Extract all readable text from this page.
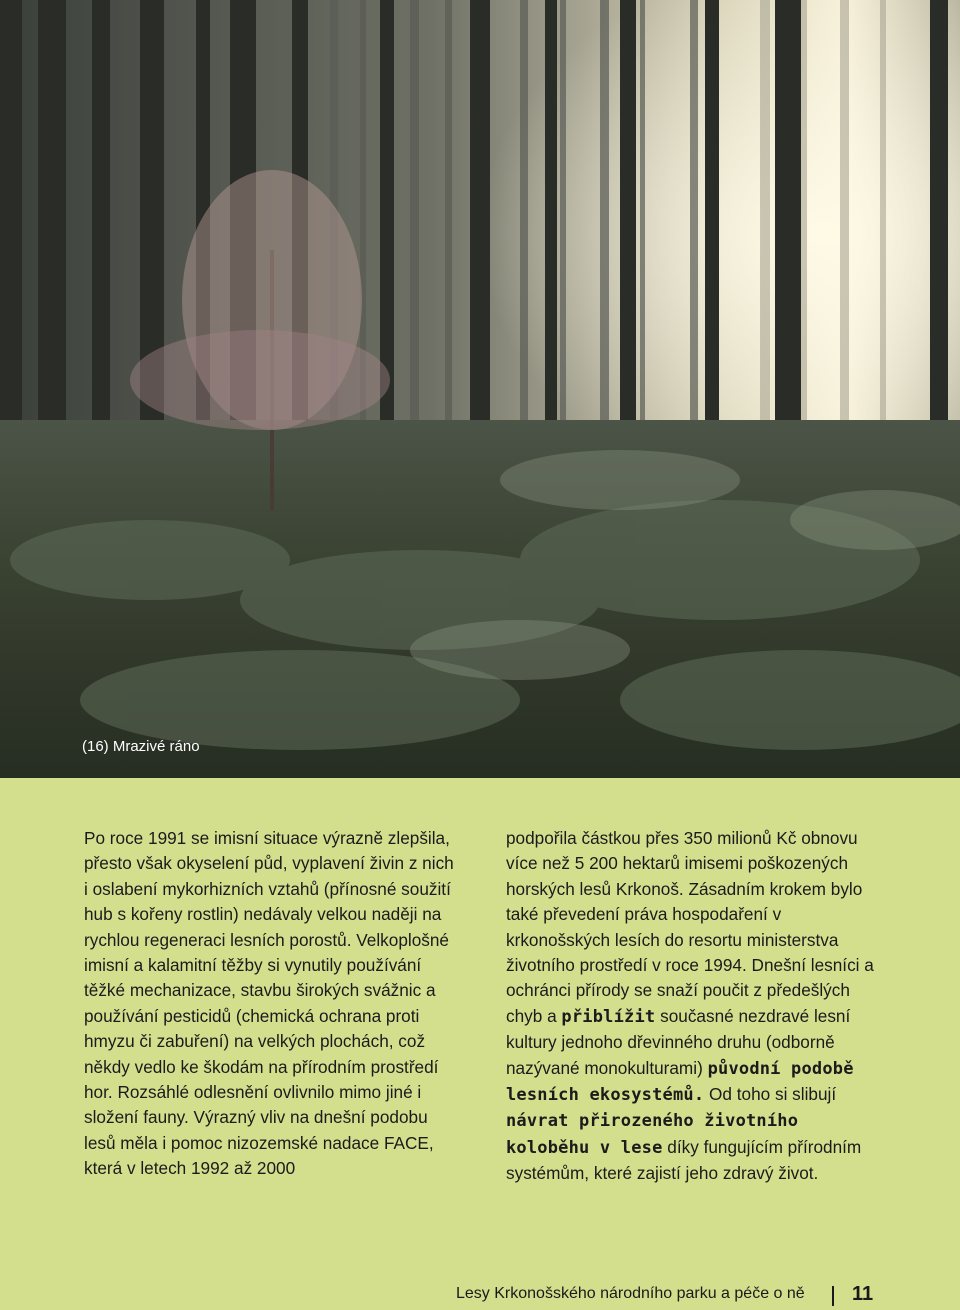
(16) Mrazivé ráno

Po roce 1991 se imisní situace výrazně zlepšila, přesto však okyselení půd, vyplavení živin z nich i oslabení mykorhizních vztahů (přínosné soužití hub s kořeny rostlin) nedávaly velkou naději na rychlou regeneraci lesních porostů. Velkoplošné imisní a kalamitní těžby si vynutily používání těžké mechanizace, stavbu širokých svážnic a používání pesticidů (chemická ochrana proti hmyzu či zabuření) na velkých plochách, což někdy vedlo ke škodám na přírodním prostředí hor. Rozsáhlé odlesnění ovlivnilo mimo jiné i složení fauny. Výrazný vliv na dnešní podobu lesů měla i pomoc nizozemské nadace FACE, která v letech 1992 až 2000

podpořila částkou přes 350 milionů Kč obnovu více než 5 200 hektarů imisemi poškozených horských lesů Krkonoš. Zásadním krokem bylo také převedení práva hospodaření v krkonošských lesích do resortu ministerstva životního prostředí v roce 1994. Dnešní lesníci a ochránci přírody se snaží poučit z předešlých chyb a přiblížit současné nezdravé lesní kultury jednoho dřevinného druhu (odborně nazývané monokulturami) původní podobě lesních ekosystémů. Od toho si slibují návrat přirozeného životního koloběhu v lese díky fungujícím přírodním systémům, které zajistí jeho zdravý život.

Lesy Krkonošského národního parku a péče o ně 11
